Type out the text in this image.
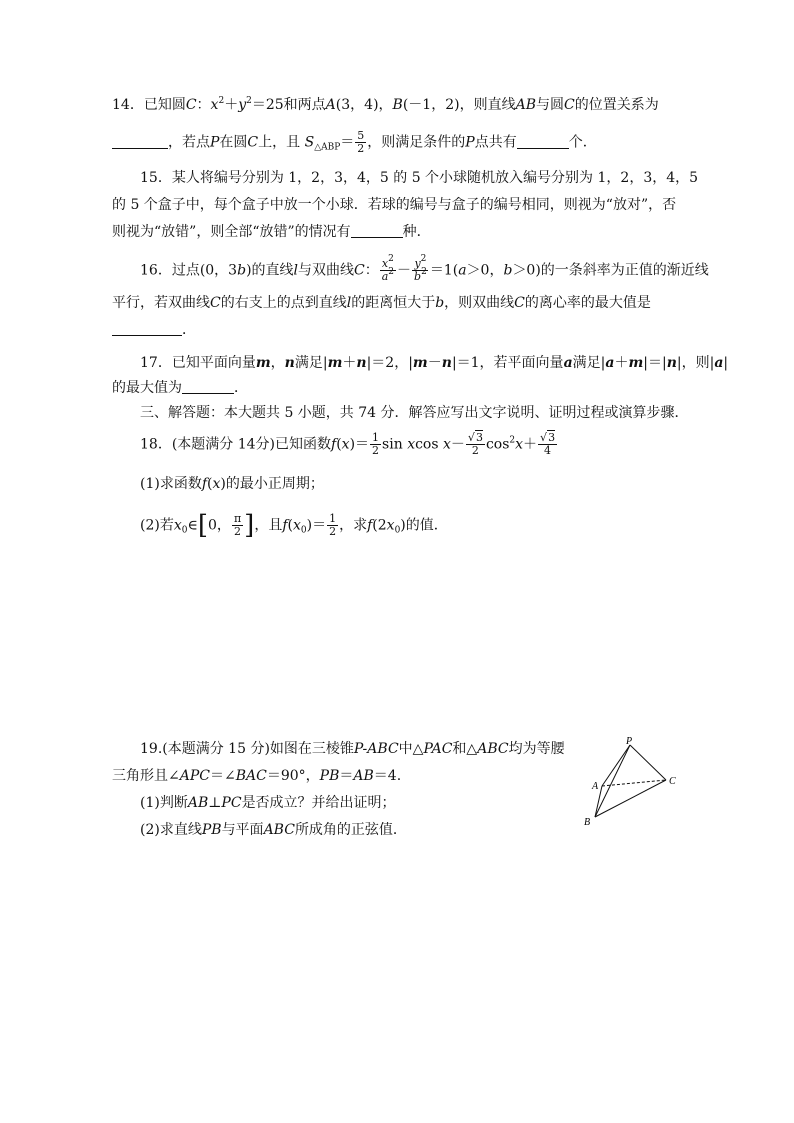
14．已知圆C：$x^2+y^2=25$和两点A(3，4)，B(－1，2)，则直线AB与圆C的位置关系为
，若点P在圆C上，且 $S_{\triangle ABP}= \frac{5}{2}$ ，则满足条件的P点共有	个．
15．某人将编号分别为 1，2，3，4，5 的 5 个小球随机放入编号分别为 1，2，3，4，5
的 5 个盒子中，每个盒子中放一个小球．若球的编号与盒子的编号相同，则视为“放对”，否
则视为“放错”，则全部“放错”的情况有	种．
16．过点(0，3b)的直线l与双曲线C： $\frac{x^2}{a^2} - \frac{y^2}{b^2} =1(a>0$，b＞0)的一条斜率为正值的渐近线
平行，若双曲线C的右支上的点到直线l的距离恒大于b，则双曲线C的离心率的最大值是
．
17．已知平面向量m，n满足|m＋n|＝2，|m－n|＝1，若平面向量a满足|a＋m|＝|n|，则|a|
的最大值为	．
三、解答题：本大题共 5 小题，共 74 分．解答应写出文字说明、证明过程或演算步骤．
18．(本题满分 14分)已知函数$f(x)= \frac{1}{2}$ sin xcos $x- \frac{√3}{2} \cos^2x+ \frac{√3}{4}$
(1)求函数f(x)的最小正周期；
(2)若$x_0\in[0$， $\frac{\pi}{2}$ ]，且$f(x_0)= \frac{1}{2}$ ，求$f(2x_0)$的值．
19.(本题满分 15 分)如图在三棱锥P-ABC中△PAC和△ABC均为等腰
三角形且∠APC＝∠BAC＝90°，PB＝AB＝4.
(1)判断AB⊥PC是否成立？并给出证明；
(2)求直线PB与平面ABC所成角的正弦值．
P
A
B
C
